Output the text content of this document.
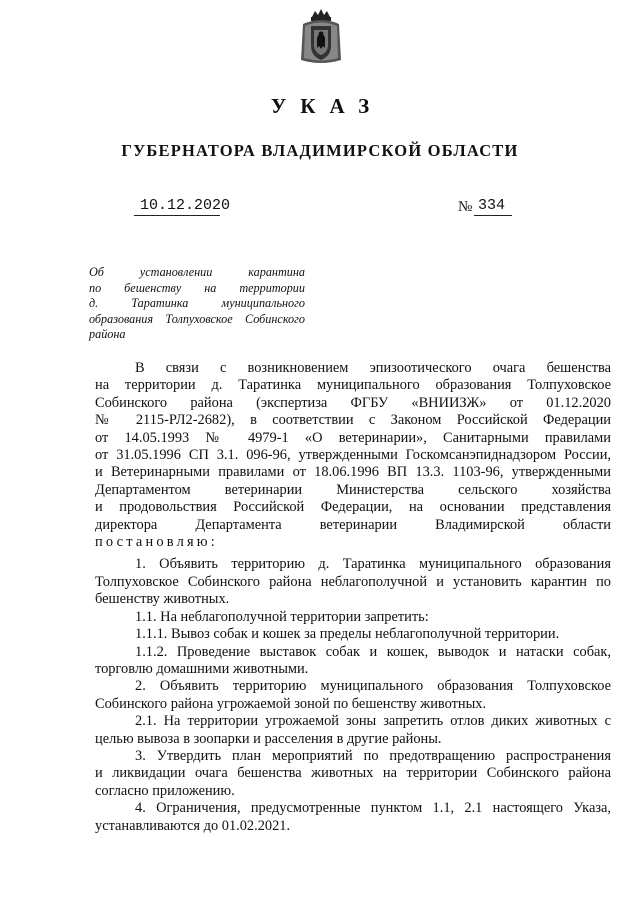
УКАЗ
ГУБЕРНАТОРА ВЛАДИМИРСКОЙ ОБЛАСТИ
10.12.2020	№ 334
Об установлении карантина
по бешенству на территории
д. Таратинка муниципального
образования Толпуховское Собинского
района
В связи с возникновением эпизоотического очага бешенства
на территории д. Таратинка муниципального образования Толпуховское
Собинского района (экспертиза ФГБУ «ВНИИЗЖ» от 01.12.2020
№ 2115-РЛ2-2682), в соответствии с Законом Российской Федерации
от 14.05.1993 № 4979-1 «О ветеринарии», Санитарными правилами
от 31.05.1996 СП 3.1. 096-96, утвержденными Госкомсанэпиднадзором России,
и Ветеринарными правилами от 18.06.1996 ВП 13.3. 1103-96, утвержденными
Департаментом ветеринарии Министерства сельского хозяйства
и продовольствия Российской Федерации, на основании представления
директора Департамента ветеринарии Владимирской области
постановляю:
1. Объявить территорию д. Таратинка муниципального образования
Толпуховское Собинского района неблагополучной и установить карантин по
бешенству животных.
1.1. На неблагополучной территории запретить:
1.1.1. Вывоз собак и кошек за пределы неблагополучной территории.
1.1.2. Проведение выставок собак и кошек, выводок и натаски собак,
торговлю домашними животными.
2. Объявить территорию муниципального образования Толпуховское
Собинского района угрожаемой зоной по бешенству животных.
2.1. На территории угрожаемой зоны запретить отлов диких животных с
целью вывоза в зоопарки и расселения в другие районы.
3. Утвердить план мероприятий по предотвращению распространения
и ликвидации очага бешенства животных на территории Собинского района
согласно приложению.
4. Ограничения, предусмотренные пунктом 1.1, 2.1 настоящего Указа,
устанавливаются до 01.02.2021.
